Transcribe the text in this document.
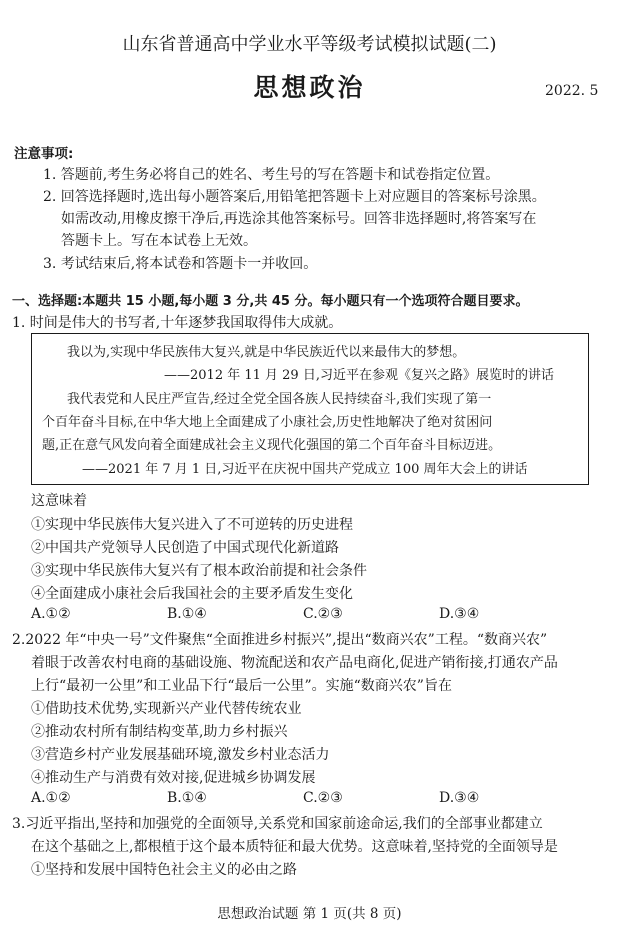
山东省普通高中学业水平等级考试模拟试题(二)
思想政治	2022. 5
注意事项:
1. 答题前,考生务必将自己的姓名、考生号的写在答题卡和试卷指定位置。
2. 回答选择题时,选出每小题答案后,用铅笔把答题卡上对应题目的答案标号涂黑。
如需改动,用橡皮擦干净后,再选涂其他答案标号。回答非选择题时,将答案写在
答题卡上。写在本试卷上无效。
3. 考试结束后,将本试卷和答题卡一并收回。
一、选择题:本题共 15 小题,每小题 3 分,共 45 分。每小题只有一个选项符合题目要求。
1. 时间是伟大的书写者,十年逐梦我国取得伟大成就。
我以为,实现中华民族伟大复兴,就是中华民族近代以来最伟大的梦想。
——2012 年 11 月 29 日,习近平在参观《复兴之路》展览时的讲话
我代表党和人民庄严宣告,经过全党全国各族人民持续奋斗,我们实现了第一
个百年奋斗目标,在中华大地上全面建成了小康社会,历史性地解决了绝对贫困问
题,正在意气风发向着全面建成社会主义现代化强国的第二个百年奋斗目标迈进。
——2021 年 7 月 1 日,习近平在庆祝中国共产党成立 100 周年大会上的讲话
这意味着
①实现中华民族伟大复兴进入了不可逆转的历史进程
②中国共产党领导人民创造了中国式现代化新道路
③实现中华民族伟大复兴有了根本政治前提和社会条件
④全面建成小康社会后我国社会的主要矛盾发生变化
A.①②	B.①④	C.②③	D.③④
2.2022 年“中央一号”文件聚焦“全面推进乡村振兴”,提出“数商兴农”工程。“数商兴农”
着眼于改善农村电商的基础设施、物流配送和农产品电商化,促进产销衔接,打通农产品
上行“最初一公里”和工业品下行“最后一公里”。实施“数商兴农”旨在
①借助技术优势,实现新兴产业代替传统农业
②推动农村所有制结构变革,助力乡村振兴
③营造乡村产业发展基础环境,激发乡村业态活力
④推动生产与消费有效对接,促进城乡协调发展
A.①②	B.①④	C.②③	D.③④
3.习近平指出,坚持和加强党的全面领导,关系党和国家前途命运,我们的全部事业都建立
在这个基础之上,都根植于这个最本质特征和最大优势。这意味着,坚持党的全面领导是
①坚持和发展中国特色社会主义的必由之路
思想政治试题 第 1 页(共 8 页)
